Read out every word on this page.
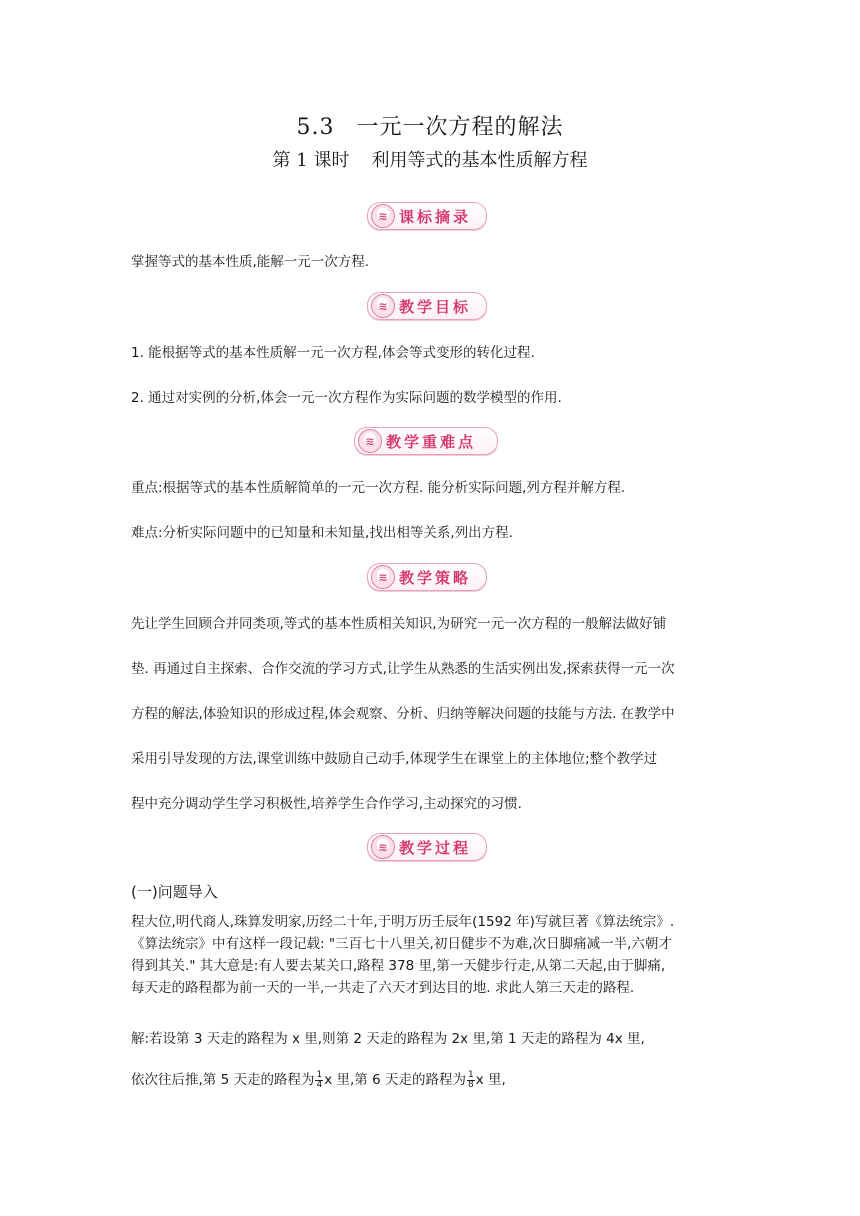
5.3 一元一次方程的解法
第 1 课时 利用等式的基本性质解方程
≋ 课标摘录
掌握等式的基本性质,能解一元一次方程.
≋ 教学目标
1. 能根据等式的基本性质解一元一次方程,体会等式变形的转化过程.
2. 通过对实例的分析,体会一元一次方程作为实际问题的数学模型的作用.
≋ 教学重难点
重点:根据等式的基本性质解简单的一元一次方程. 能分析实际问题,列方程并解方程.
难点:分析实际问题中的已知量和未知量,找出相等关系,列出方程.
≋ 教学策略
先让学生回顾合并同类项,等式的基本性质相关知识,为研究一元一次方程的一般解法做好铺
垫. 再通过自主探索、合作交流的学习方式,让学生从熟悉的生活实例出发,探索获得一元一次
方程的解法,体验知识的形成过程,体会观察、分析、归纳等解决问题的技能与方法. 在教学中
采用引导发现的方法,课堂训练中鼓励自己动手,体现学生在课堂上的主体地位;整个教学过
程中充分调动学生学习积极性,培养学生合作学习,主动探究的习惯.
≋ 教学过程
(一)问题导入
程大位,明代商人,珠算发明家,历经二十年,于明万历壬辰年(1592 年)写就巨著《算法统宗》.
《算法统宗》中有这样一段记载: "三百七十八里关,初日健步不为难,次日脚痛减一半,六朝才
得到其关." 其大意是:有人要去某关口,路程 378 里,第一天健步行走,从第二天起,由于脚痛,
每天走的路程都为前一天的一半,一共走了六天才到达目的地. 求此人第三天走的路程.
解:若设第 3 天走的路程为 x 里,则第 2 天走的路程为 2x 里,第 1 天走的路程为 4x 里,
依次往后推,第 5 天走的路程为 $\frac{1}{4}$ x 里,第 6 天走的路程为 $\frac{1}{8}$ x 里,
